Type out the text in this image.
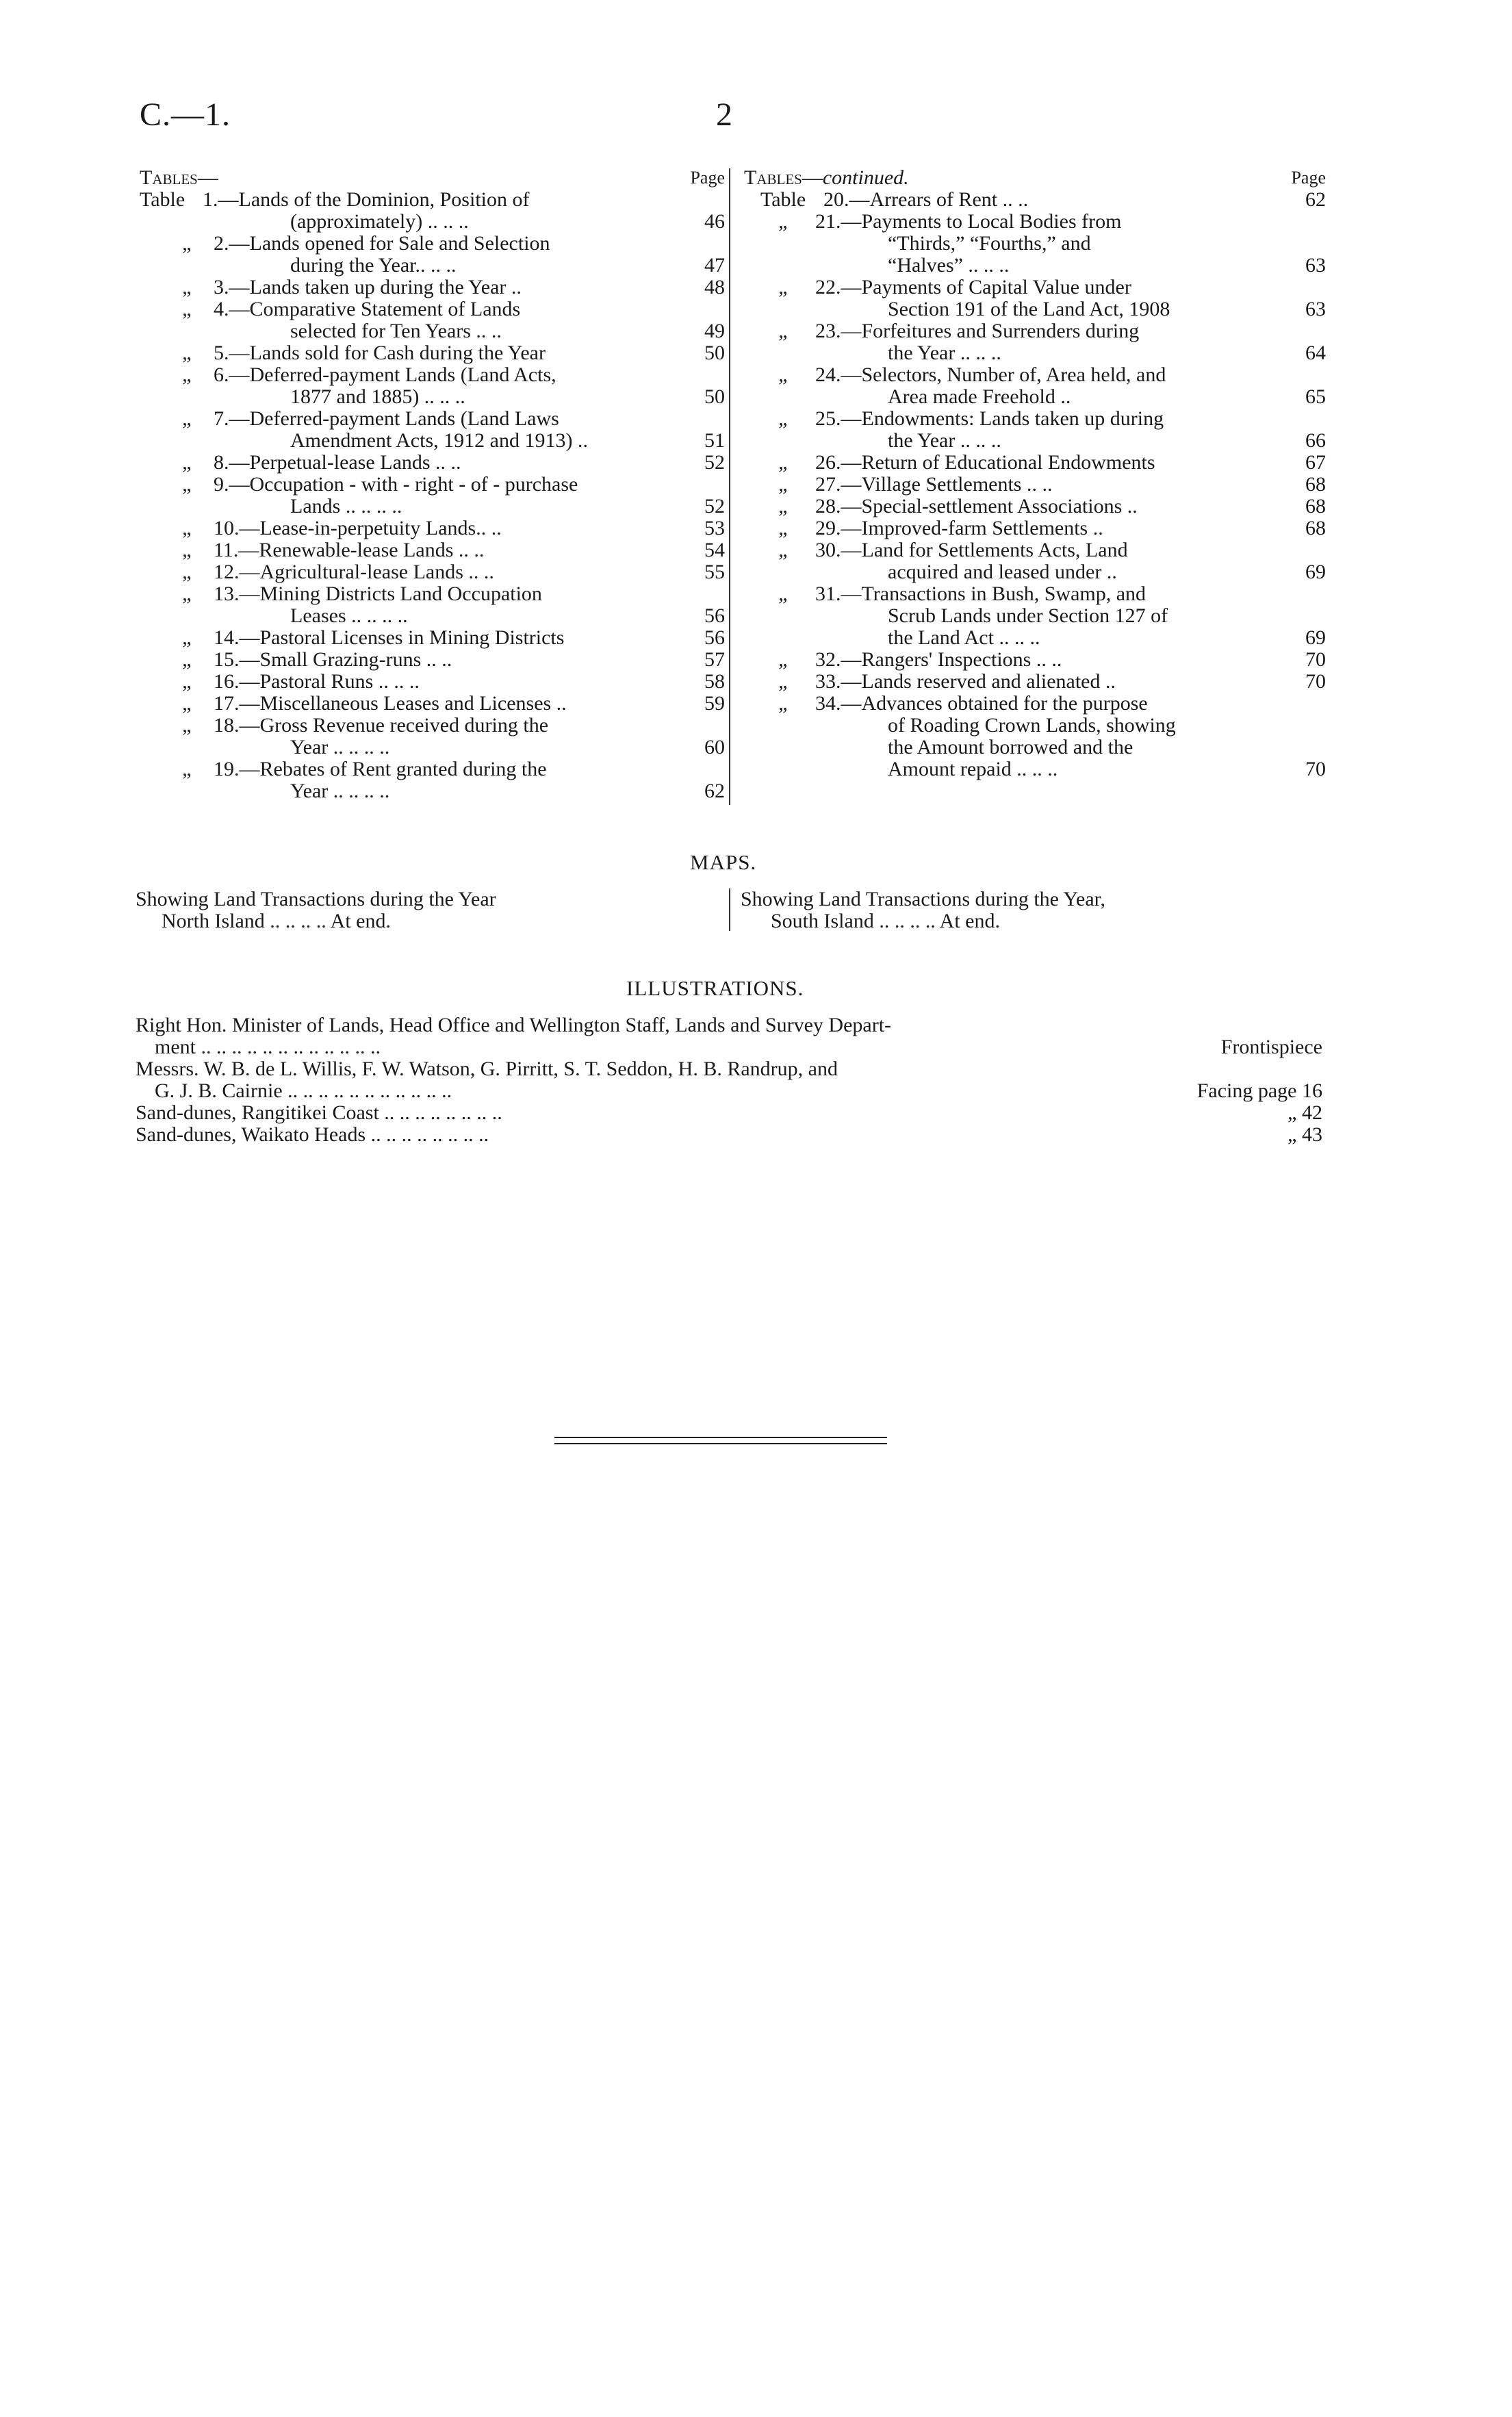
C.—1.	2
Tables—	Page
Table 1.—Lands of the Dominion, Position of
(approximately) .. .. ..	46
„ 2.—Lands opened for Sale and Selection
during the Year.. .. ..	47
„ 3.—Lands taken up during the Year ..	48
„ 4.—Comparative Statement of Lands
selected for Ten Years .. ..	49
„ 5.—Lands sold for Cash during the Year	50
„ 6.—Deferred-payment Lands (Land Acts,
1877 and 1885) .. .. ..	50
„ 7.—Deferred-payment Lands (Land Laws
Amendment Acts, 1912 and 1913) ..	51
„ 8.—Perpetual-lease Lands .. ..	52
„ 9.—Occupation - with - right - of - purchase
Lands .. .. .. ..	52
„ 10.—Lease-in-perpetuity Lands.. ..	53
„ 11.—Renewable-lease Lands .. ..	54
„ 12.—Agricultural-lease Lands .. ..	55
„ 13.—Mining Districts Land Occupation
Leases .. .. .. ..	56
„ 14.—Pastoral Licenses in Mining Districts	56
„ 15.—Small Grazing-runs .. ..	57
„ 16.—Pastoral Runs .. .. ..	58
„ 17.—Miscellaneous Leases and Licenses ..	59
„ 18.—Gross Revenue received during the
Year .. .. .. ..	60
„ 19.—Rebates of Rent granted during the
Year .. .. .. ..	62
Tables—continued.	Page
Table 20.—Arrears of Rent .. ..	62
„ 21.—Payments to Local Bodies from
“Thirds,” “Fourths,” and
“Halves” .. .. ..	63
„ 22.—Payments of Capital Value under
Section 191 of the Land Act, 1908	63
„ 23.—Forfeitures and Surrenders during
the Year .. .. ..	64
„ 24.—Selectors, Number of, Area held, and
Area made Freehold ..	65
„ 25.—Endowments: Lands taken up during
the Year .. .. ..	66
„ 26.—Return of Educational Endowments	67
„ 27.—Village Settlements .. ..	68
„ 28.—Special-settlement Associations ..	68
„ 29.—Improved-farm Settlements ..	68
„ 30.—Land for Settlements Acts, Land
acquired and leased under ..	69
„ 31.—Transactions in Bush, Swamp, and
Scrub Lands under Section 127 of
the Land Act .. .. ..	69
„ 32.—Rangers' Inspections .. ..	70
„ 33.—Lands reserved and alienated ..	70
„ 34.—Advances obtained for the purpose
of Roading Crown Lands, showing
the Amount borrowed and the
Amount repaid .. .. ..	70
MAPS.
Showing Land Transactions during the Year
North Island .. .. .. .. At end.
Showing Land Transactions during the Year,
South Island .. .. .. .. At end.
ILLUSTRATIONS.
Right Hon. Minister of Lands, Head Office and Wellington Staff, Lands and Survey Depart-
ment .. .. .. .. .. .. .. .. .. .. .. ..	Frontispiece
Messrs. W. B. de L. Willis, F. W. Watson, G. Pirritt, S. T. Seddon, H. B. Randrup, and
G. J. B. Cairnie .. .. .. .. .. .. .. .. .. .. ..	Facing page 16
Sand-dunes, Rangitikei Coast .. .. .. .. .. .. .. ..	„ 42
Sand-dunes, Waikato Heads .. .. .. .. .. .. .. ..	„ 43
